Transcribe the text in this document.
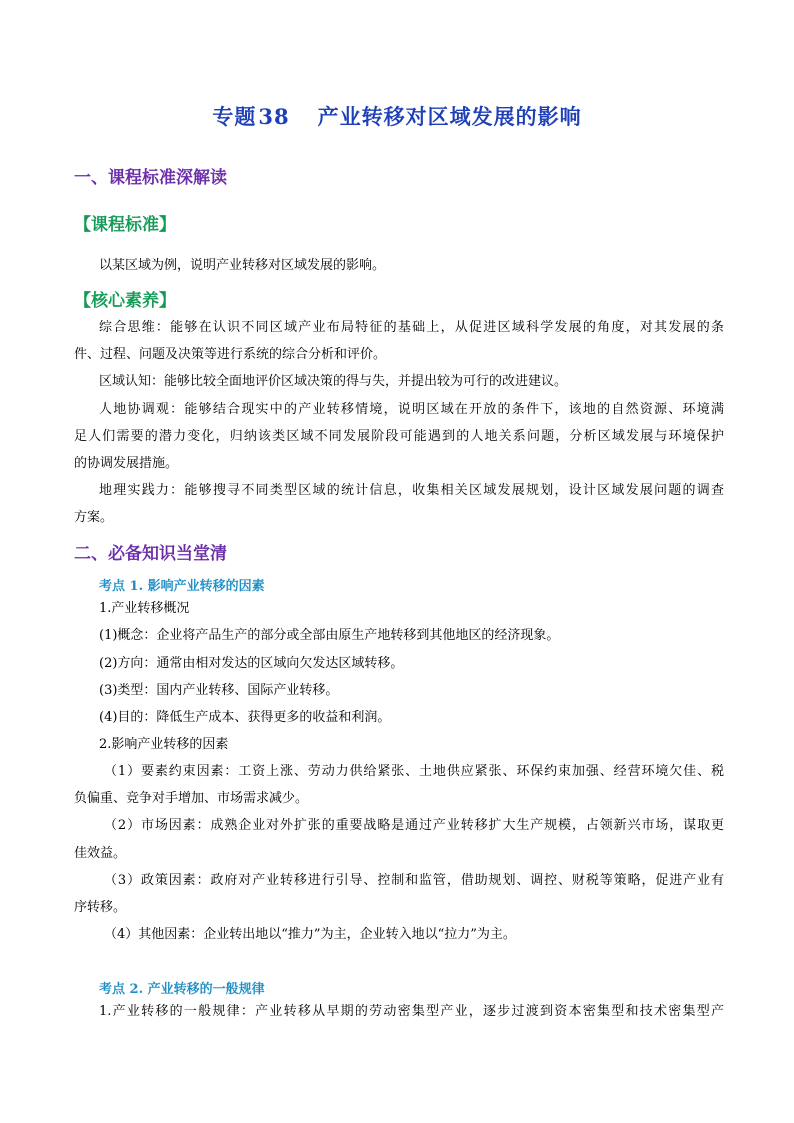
专题38 产业转移对区域发展的影响
一、课程标准深解读
【课程标准】
以某区域为例，说明产业转移对区域发展的影响。
【核心素养】
综合思维：能够在认识不同区域产业布局特征的基础上，从促进区域科学发展的角度，对其发展的条
件、过程、问题及决策等进行系统的综合分析和评价。
区域认知：能够比较全面地评价区域决策的得与失，并提出较为可行的改进建议。
人地协调观：能够结合现实中的产业转移情境，说明区域在开放的条件下，该地的自然资源、环境满
足人们需要的潜力变化，归纳该类区域不同发展阶段可能遇到的人地关系问题，分析区域发展与环境保护
的协调发展措施。
地理实践力：能够搜寻不同类型区域的统计信息，收集相关区域发展规划，设计区域发展问题的调查
方案。
二、必备知识当堂清
考点 1. 影响产业转移的因素
1.产业转移概况
(1)概念：企业将产品生产的部分或全部由原生产地转移到其他地区的经济现象。
(2)方向：通常由相对发达的区域向欠发达区域转移。
(3)类型：国内产业转移、国际产业转移。
(4)目的：降低生产成本、获得更多的收益和利润。
2.影响产业转移的因素
（1）要素约束因素：工资上涨、劳动力供给紧张、土地供应紧张、环保约束加强、经营环境欠佳、税
负偏重、竞争对手增加、市场需求减少。
（2）市场因素：成熟企业对外扩张的重要战略是通过产业转移扩大生产规模，占领新兴市场，谋取更
佳效益。
（3）政策因素：政府对产业转移进行引导、控制和监管，借助规划、调控、财税等策略，促进产业有
序转移。
（4）其他因素：企业转出地以“推力”为主，企业转入地以“拉力”为主。
考点 2. 产业转移的一般规律
1.产业转移的一般规律：产业转移从早期的劳动密集型产业，逐步过渡到资本密集型和技术密集型产
